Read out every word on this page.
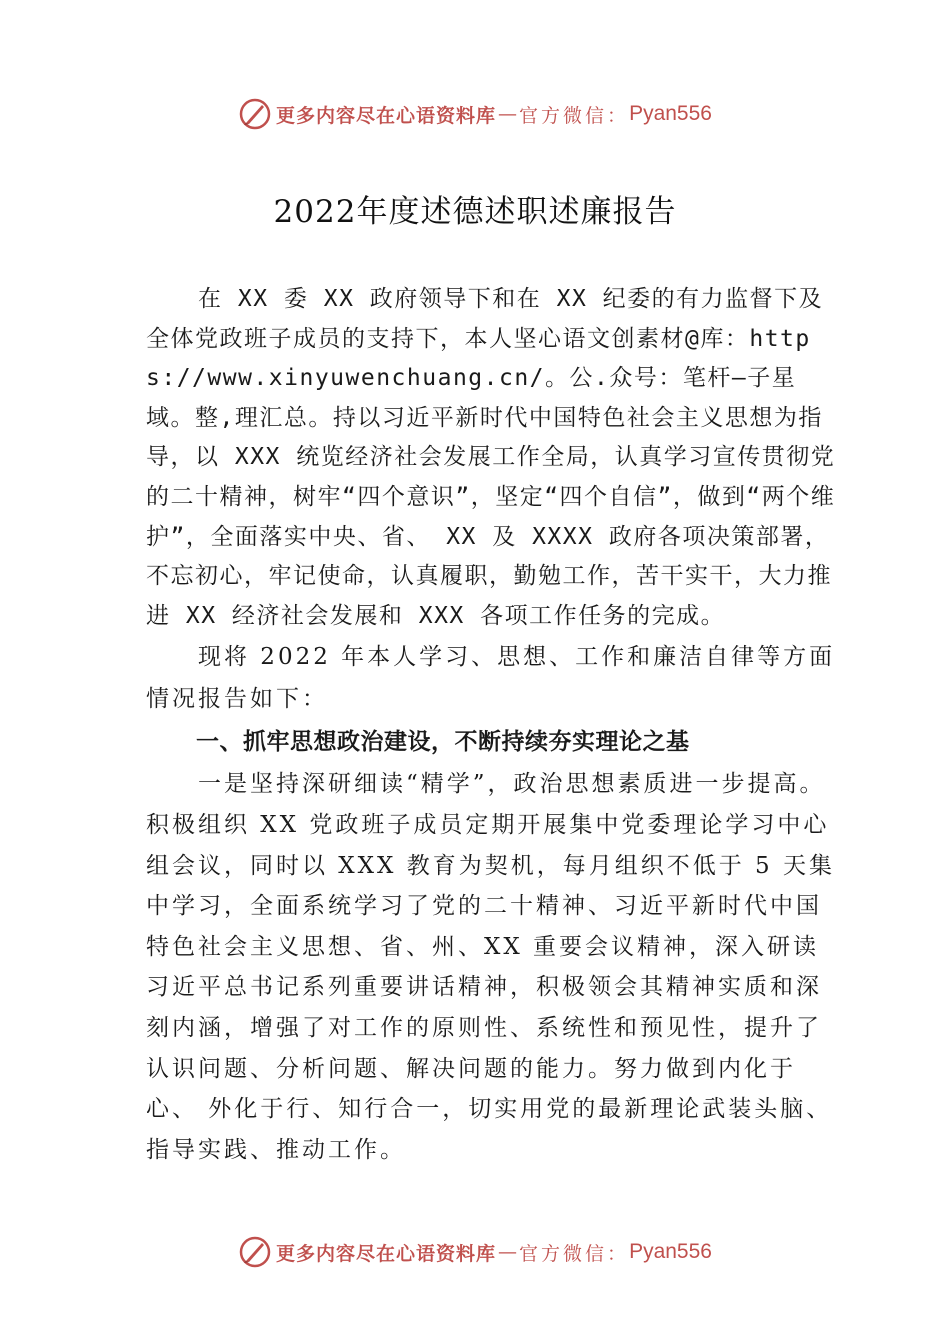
更多内容尽在心语资料库 — 官方微信： Pyan556
2022年度述德述职述廉报告

在 XX 委 XX 政府领导下和在 XX 纪委的有力监督下及全体党政班子成员的支持下，本人坚心语文创素材@库：https://www.xinyuwenchuang.cn/。公.众号：笔杆—子星域。整,理汇总。持以习近平新时代中国特色社会主义思想为指导，以 XXX 统览经济社会发展工作全局，认真学习宣传贯彻党的二十精神，树牢“四个意识”，坚定“四个自信”，做到“两个维护”，全面落实中央、省、 XX 及 XXXX 政府各项决策部署，不忘初心，牢记使命，认真履职，勤勉工作，苦干实干，大力推进 XX 经济社会发展和 XXX 各项工作任务的完成。

现将 2022 年本人学习、思想、工作和廉洁自律等方面情况报告如下：

一、抓牢思想政治建设，不断持续夯实理论之基

一是坚持深研细读“精学”，政治思想素质进一步提高。积极组织 XX 党政班子成员定期开展集中党委理论学习中心组会议，同时以 XXX 教育为契机，每月组织不低于 5 天集中学习，全面系统学习了党的二十精神、习近平新时代中国特色社会主义思想、省、州、XX 重要会议精神，深入研读习近平总书记系列重要讲话精神，积极领会其精神实质和深刻内涵，增强了对工作的原则性、系统性和预见性，提升了认识问题、分析问题、解决问题的能力。努力做到内化于心、 外化于行、知行合一，切实用党的最新理论武装头脑、指导实践、推动工作。

更多内容尽在心语资料库 — 官方微信： Pyan556
